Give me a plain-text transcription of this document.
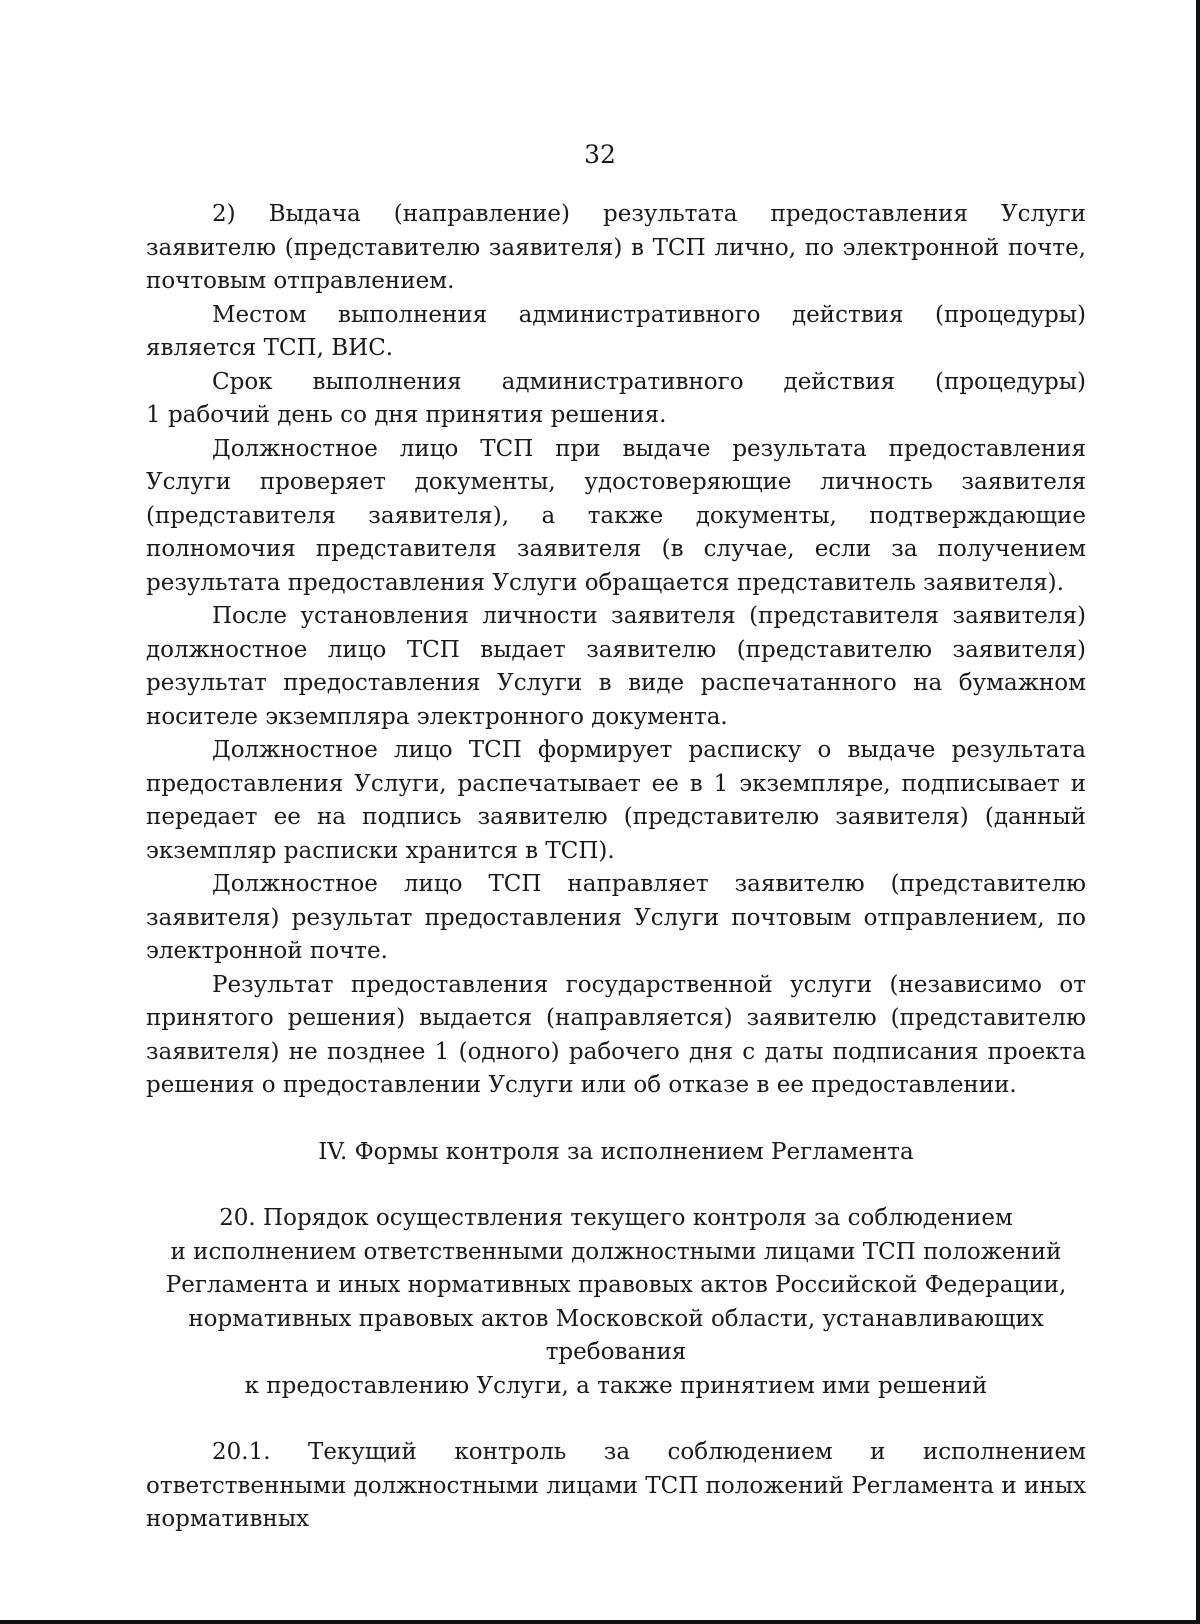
32

2) Выдача (направление) результата предоставления Услуги заявителю (представителю заявителя) в ТСП лично, по электронной почте, почтовым отправлением.

Местом выполнения административного действия (процедуры) является ТСП, ВИС.

Срок выполнения административного действия (процедуры)

1 рабочий день со дня принятия решения.

Должностное лицо ТСП при выдаче результата предоставления Услуги проверяет документы, удостоверяющие личность заявителя (представителя заявителя), а также документы, подтверждающие полномочия представителя заявителя (в случае, если за получением результата предоставления Услуги обращается представитель заявителя).

После установления личности заявителя (представителя заявителя) должностное лицо ТСП выдает заявителю (представителю заявителя) результат предоставления Услуги в виде распечатанного на бумажном носителе экземпляра электронного документа.

Должностное лицо ТСП формирует расписку о выдаче результата предоставления Услуги, распечатывает ее в 1 экземпляре, подписывает и передает ее на подпись заявителю (представителю заявителя) (данный экземпляр расписки хранится в ТСП).

Должностное лицо ТСП направляет заявителю (представителю заявителя) результат предоставления Услуги почтовым отправлением, по электронной почте.

Результат предоставления государственной услуги (независимо от принятого решения) выдается (направляется) заявителю (представителю заявителя) не позднее 1 (одного) рабочего дня с даты подписания проекта решения о предоставлении Услуги или об отказе в ее предоставлении.

IV. Формы контроля за исполнением Регламента

20. Порядок осуществления текущего контроля за соблюдением
и исполнением ответственными должностными лицами ТСП положений
Регламента и иных нормативных правовых актов Российской Федерации,
нормативных правовых актов Московской области, устанавливающих требования
к предоставлению Услуги, а также принятием ими решений

20.1. Текущий контроль за соблюдением и исполнением ответственными должностными лицами ТСП положений Регламента и иных нормативных
